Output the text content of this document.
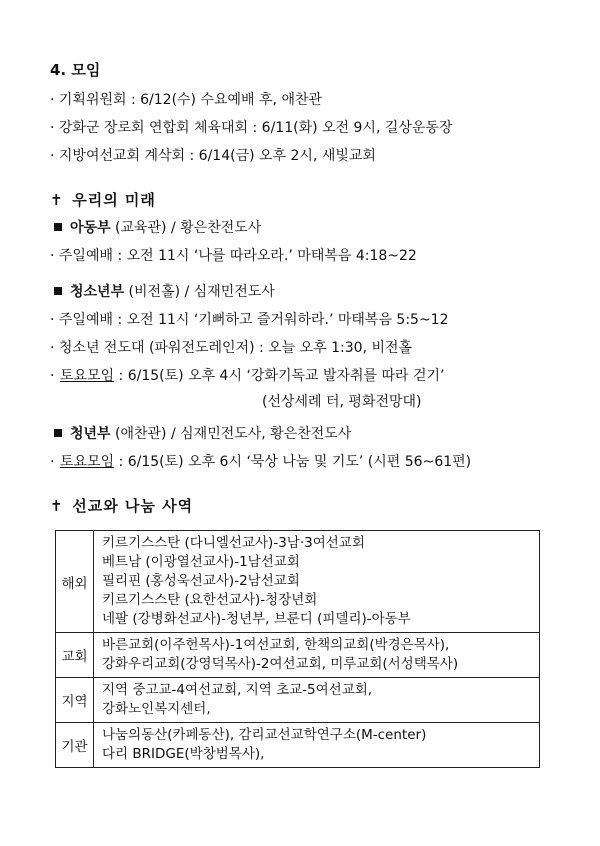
4. 모임
· 기획위원회 : 6/12(수) 수요예배 후, 애찬관
· 강화군 장로회 연합회 체육대회 : 6/11(화) 오전 9시, 길상운동장
· 지방여선교회 계삭회 : 6/14(금) 오후 2시, 새빛교회
✝ 우리의 미래
아동부 (교육관) / 황은찬전도사
· 주일예배 : 오전 11시 ‘나를 따라오라.’ 마태복음 4:18~22
청소년부 (비전홀) / 심재민전도사
· 주일예배 : 오전 11시 ‘기뻐하고 즐거워하라.’ 마태복음 5:5~12
· 청소년 전도대 (파워전도레인저) : 오늘 오후 1:30, 비전홀
· 토요모임 : 6/15(토) 오후 4시 ‘강화기독교 발자취를 따라 걷기’
(선상세례 터, 평화전망대)
청년부 (애찬관) / 심재민전도사, 황은찬전도사
· 토요모임 : 6/15(토) 오후 6시 ‘묵상 나눔 및 기도’ (시편 56~61편)
✝ 선교와 나눔 사역
해외	키르기스스탄 (다니엘선교사)-3남·3여선교회
베트남 (이광열선교사)-1남선교회
필리핀 (홍성욱선교사)-2남선교회
키르기스스탄 (요한선교사)-청장년회
네팔 (강병화선교사)-청년부, 브룬디 (피델리)-아동부

교회	바른교회(이주헌목사)-1여선교회, 한책의교회(박경은목사),
강화우리교회(강영덕목사)-2여선교회, 미루교회(서성택목사)

지역	지역 중고교-4여선교회, 지역 초교-5여선교회,
강화노인복지센터,

기관	나눔의동산(카페동산), 감리교선교학연구소(M-center)
다리 BRIDGE(박창범목사),
